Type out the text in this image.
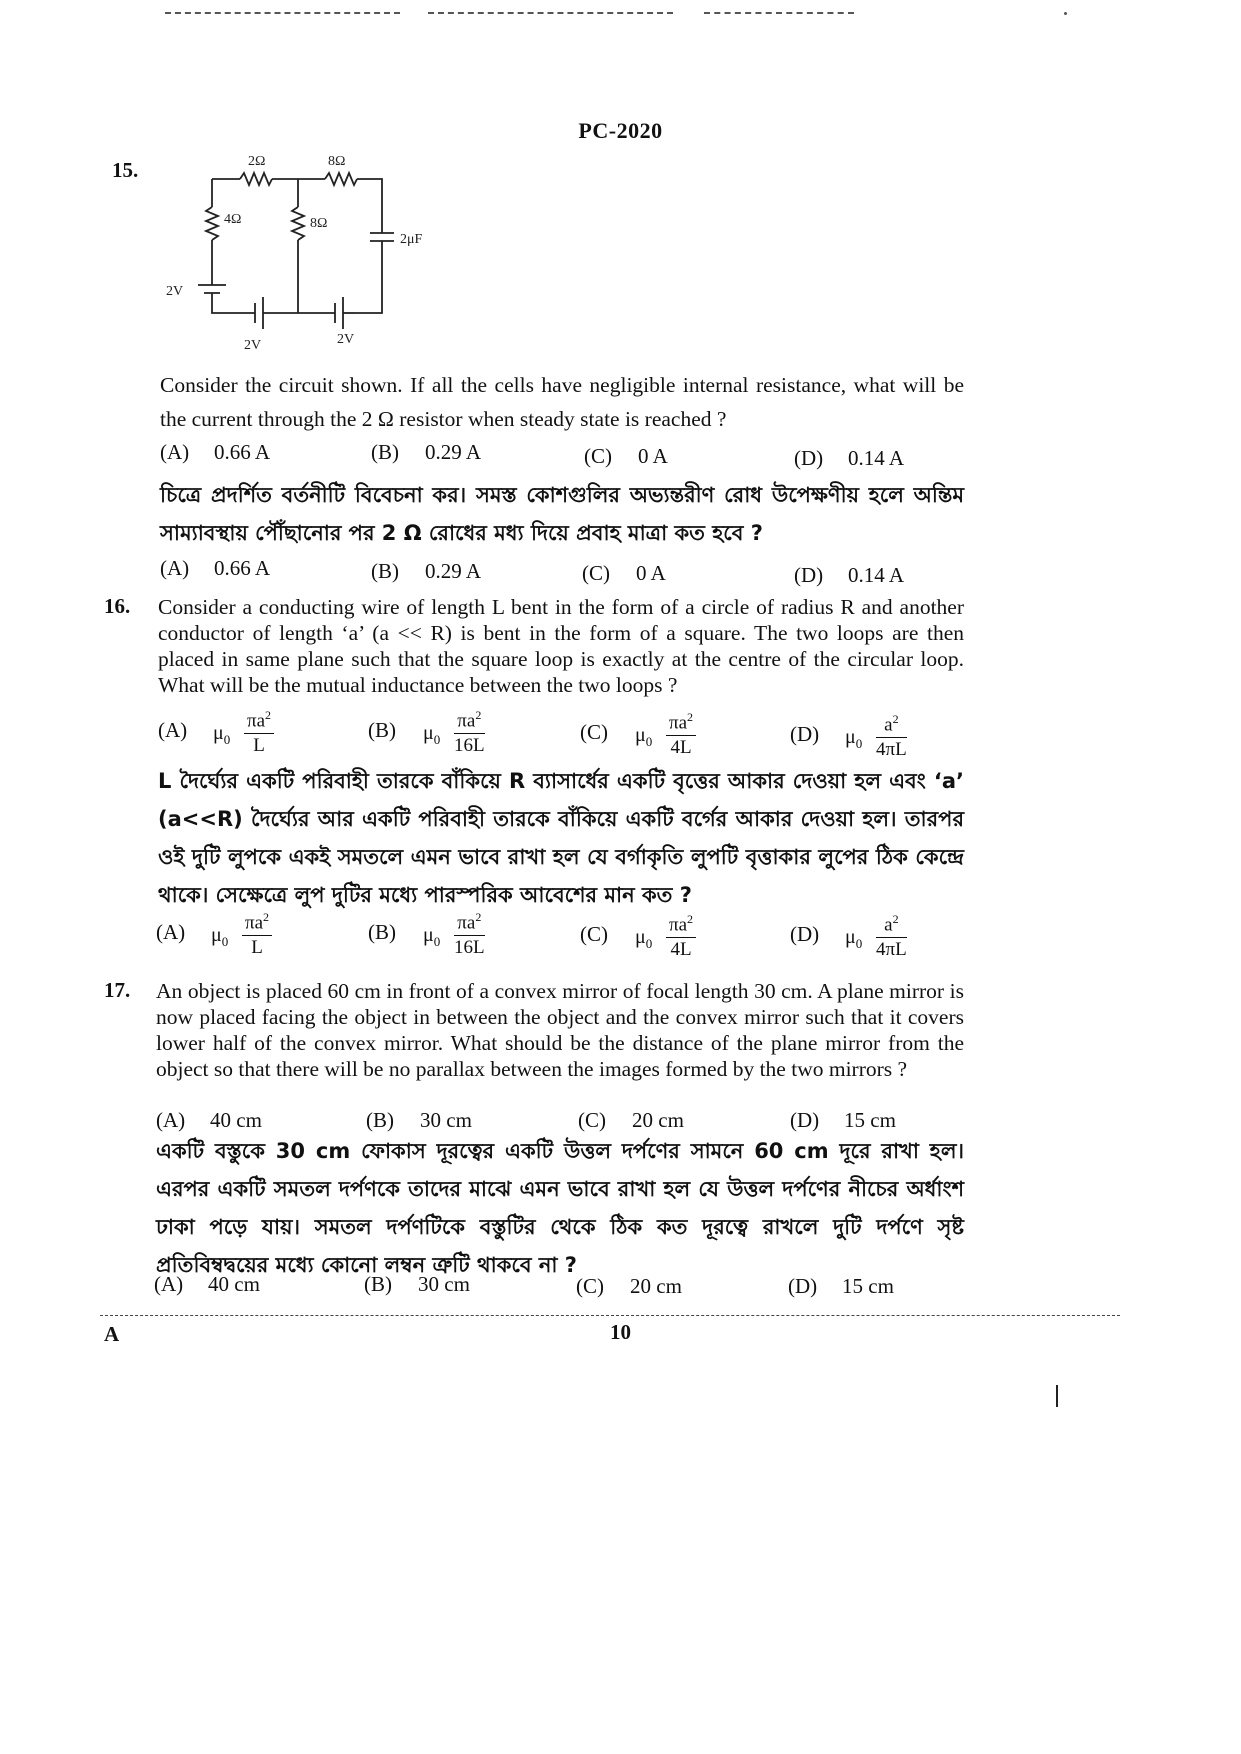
PC-2020
15.	2Ω	8Ω
4Ω	8Ω
2μF
2V
2V	2V
Consider the circuit shown. If all the cells have negligible internal resistance, what will be the current through the 2 Ω resistor when steady state is reached ?
(A) 0.66 A	(B) 0.29 A	(C) 0 A	(D) 0.14 A
চিত্রে প্রদর্শিত বর্তনীটি বিবেচনা কর। সমস্ত কোশগুলির অভ্যন্তরীণ রোধ উপেক্ষণীয় হলে অন্তিম সাম্যাবস্থায় পৌঁছানোর পর 2 Ω রোধের মধ্য দিয়ে প্রবাহ মাত্রা কত হবে ?
(A) 0.66 A	(B) 0.29 A	(C) 0 A	(D) 0.14 A
16. Consider a conducting wire of length L bent in the form of a circle of radius R and another conductor of length ‘a’ (a << R) is bent in the form of a square. The two loops are then placed in same plane such that the square loop is exactly at the centre of the circular loop. What will be the mutual inductance between the two loops ?
(A) $\mu_0 \frac{\pi a^2}{L}$	(B) $\mu_0 \frac{\pi a^2}{16L}$	(C) $\mu_0 \frac{\pi a^2}{4L}$	(D) $\mu_0 \frac{a^2}{4\pi L}$
L দৈর্ঘ্যের একটি পরিবাহী তারকে বাঁকিয়ে R ব্যাসার্ধের একটি বৃত্তের আকার দেওয়া হল এবং ‘a’ (a<<R) দৈর্ঘ্যের আর একটি পরিবাহী তারকে বাঁকিয়ে একটি বর্গের আকার দেওয়া হল। তারপর ওই দুটি লুপকে একই সমতলে এমন ভাবে রাখা হল যে বর্গাকৃতি লুপটি বৃত্তাকার লুপের ঠিক কেন্দ্রে থাকে। সেক্ষেত্রে লুপ দুটির মধ্যে পারস্পরিক আবেশের মান কত ?
(A) $\mu_0 \frac{\pi a^2}{L}$	(B) $\mu_0 \frac{\pi a^2}{16L}$	(C) $\mu_0 \frac{\pi a^2}{4L}$	(D) $\mu_0 \frac{a^2}{4\pi L}$
17. An object is placed 60 cm in front of a convex mirror of focal length 30 cm. A plane mirror is now placed facing the object in between the object and the convex mirror such that it covers lower half of the convex mirror. What should be the distance of the plane mirror from the object so that there will be no parallax between the images formed by the two mirrors ?
(A) 40 cm	(B) 30 cm	(C) 20 cm	(D) 15 cm
একটি বস্তুকে 30 cm ফোকাস দূরত্বের একটি উত্তল দর্পণের সামনে 60 cm দূরে রাখা হল। এরপর একটি সমতল দর্পণকে তাদের মাঝে এমন ভাবে রাখা হল যে উত্তল দর্পণের নীচের অর্ধাংশ ঢাকা পড়ে যায়। সমতল দর্পণটিকে বস্তুটির থেকে ঠিক কত দূরত্বে রাখলে দুটি দর্পণে সৃষ্ট প্রতিবিম্বদ্বয়ের মধ্যে কোনো লম্বন ত্রুটি থাকবে না ?
(A) 40 cm	(B) 30 cm	(C) 20 cm	(D) 15 cm
A	10
